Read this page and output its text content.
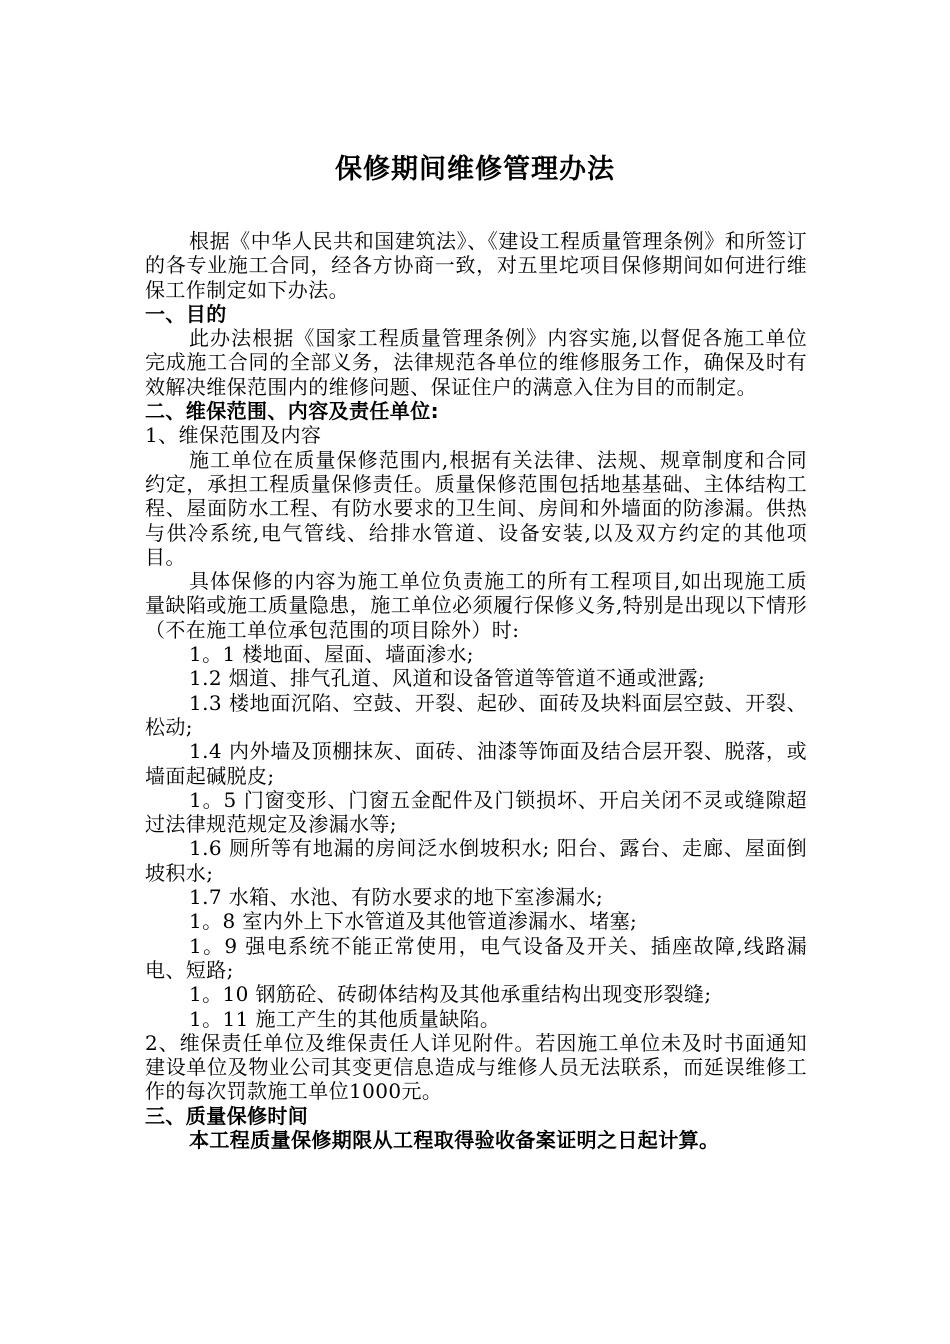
保修期间维修管理办法

根据《中华人民共和国建筑法》、《建设工程质量管理条例》和所签订的各专业施工合同，经各方协商一致，对五里坨项目保修期间如何进行维保工作制定如下办法。

一、目的

此办法根据《国家工程质量管理条例》内容实施,以督促各施工单位完成施工合同的全部义务，法律规范各单位的维修服务工作，确保及时有效解决维保范围内的维修问题、保证住户的满意入住为目的而制定。

二、维保范围、内容及责任单位:

1、维保范围及内容

施工单位在质量保修范围内,根据有关法律、法规、规章制度和合同约定，承担工程质量保修责任。质量保修范围包括地基基础、主体结构工程、屋面防水工程、有防水要求的卫生间、房间和外墙面的防渗漏。供热与供冷系统,电气管线、给排水管道、设备安装,以及双方约定的其他项目。

具体保修的内容为施工单位负责施工的所有工程项目,如出现施工质量缺陷或施工质量隐患，施工单位必须履行保修义务,特别是出现以下情形（不在施工单位承包范围的项目除外）时:

1。1 楼地面、屋面、墙面渗水;

1.2 烟道、排气孔道、风道和设备管道等管道不通或泄露;

1.3 楼地面沉陷、空鼓、开裂、起砂、面砖及块料面层空鼓、开裂、松动;

1.4 内外墙及顶棚抹灰、面砖、油漆等饰面及结合层开裂、脱落，或墙面起碱脱皮;

1。5 门窗变形、门窗五金配件及门锁损坏、开启关闭不灵或缝隙超过法律规范规定及渗漏水等;

1.6 厕所等有地漏的房间泛水倒坡积水; 阳台、露台、走廊、屋面倒坡积水;

1.7 水箱、水池、有防水要求的地下室渗漏水;

1。8 室内外上下水管道及其他管道渗漏水、堵塞;

1。9 强电系统不能正常使用，电气设备及开关、插座故障,线路漏电、短路;

1。10 钢筋砼、砖砌体结构及其他承重结构出现变形裂缝;

1。11 施工产生的其他质量缺陷。

2、维保责任单位及维保责任人详见附件。若因施工单位未及时书面通知建设单位及物业公司其变更信息造成与维修人员无法联系，而延误维修工作的每次罚款施工单位1000元。

三、质量保修时间

本工程质量保修期限从工程取得验收备案证明之日起计算。
